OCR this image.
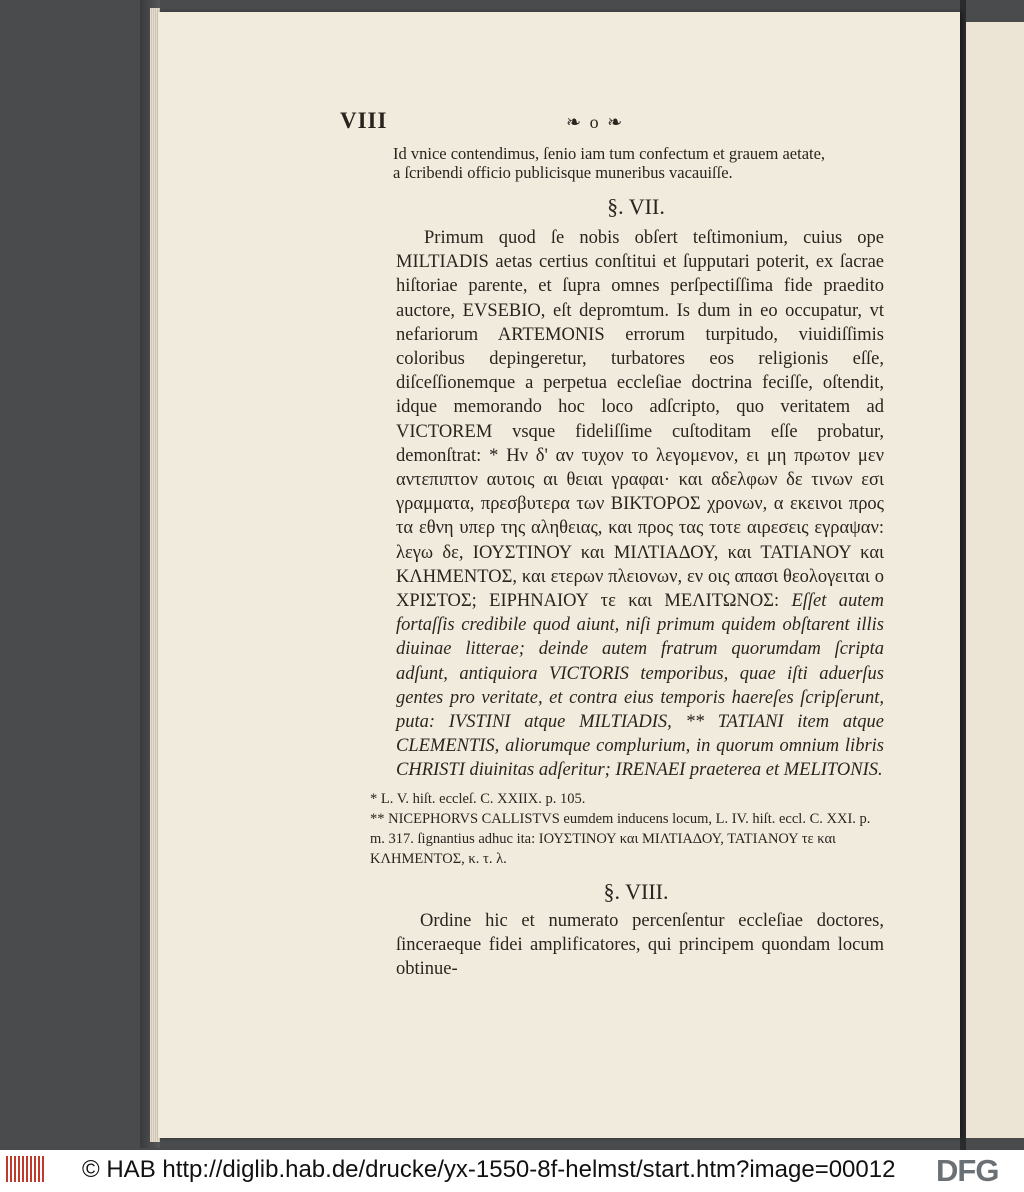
VIII	❧ o ❧
Id vnice contendimus, ſenio iam tum confectum et grauem aetate,
a ſcribendi officio publicisque muneribus vacauiſſe.
§. VII.
Primum quod ſe nobis obſert teſtimonium, cuius ope MILTIADIS aetas certius conſtitui et ſupputari poterit, ex ſacrae hiſtoriae parente, et ſupra omnes perſpectiſſima fide praedito auctore, EVSEBIO, eſt depromtum. Is dum in eo occupatur, vt nefariorum ARTEMONIS errorum turpitudo, viuidiſſimis coloribus depingeretur, turbatores eos religionis eſſe, diſceſſionemque a perpetua eccleſiae doctrina feciſſe, oſtendit, idque memorando hoc loco adſcripto, quo veritatem ad VICTOREM vsque fideliſſime cuſtoditam eſſe probatur, demonſtrat: * Ην δ' αν τυχον το λεγομενον, ει μη πρωτον μεν αντεπιπτον αυτοις αι θειαι γραφαι· και αδελφων δε τινων εσι γραμματα, πρεσβυτερα των ΒΙΚΤΟΡΟΣ χρονων, α εκεινοι προς τα εθνη υπερ της αληθειας, και προς τας τοτε αιρεσεις εγραψαν: λεγω δε, ΙΟΥΣΤΙΝΟΥ και ΜΙΛΤΙΑΔΟΥ, και ΤΑΤΙΑΝΟΥ και ΚΛΗΜΕΝΤΟΣ, και ετερων πλειονων, εν οις απασι θεολογειται ο ΧΡΙΣΤΟΣ; ΕΙΡΗΝΑΙΟΥ τε και ΜΕΛΙΤΩΝΟΣ: Eſſet autem fortaſſis credibile quod aiunt, niſi primum quidem obſtarent illis diuinae litterae; deinde autem fratrum quorumdam ſcripta adſunt, antiquiora VICTORIS temporibus, quae iſti aduerſus gentes pro veritate, et contra eius temporis haereſes ſcripſerunt, puta: IVSTINI atque MILTIADIS, ** TATIANI item atque CLEMENTIS, aliorumque complurium, in quorum omnium libris CHRISTI diuinitas adſeritur; IRENAEI praeterea et MELITONIS.

* L. V. hiſt. eccleſ. C. XXIIX. p. 105.

** NICEPHORVS CALLISTVS eumdem inducens locum, L. IV. hiſt. eccl. C. XXI. p. m. 317. ſignantius adhuc ita: ΙΟΥΣΤΙΝΟΥ και ΜΙΛΤΙΑΔΟΥ, ΤΑΤΙΑΝΟΥ τε και ΚΛΗΜΕΝΤΟΣ, κ. τ. λ.

§. VIII.
Ordine hic et numerato percenſentur eccleſiae doctores, ſinceraeque fidei amplificatores, qui principem quondam locum obtinue-
© HAB http://diglib.hab.de/drucke/yx-1550-8f-helmst/start.htm?image=00012 DFG
